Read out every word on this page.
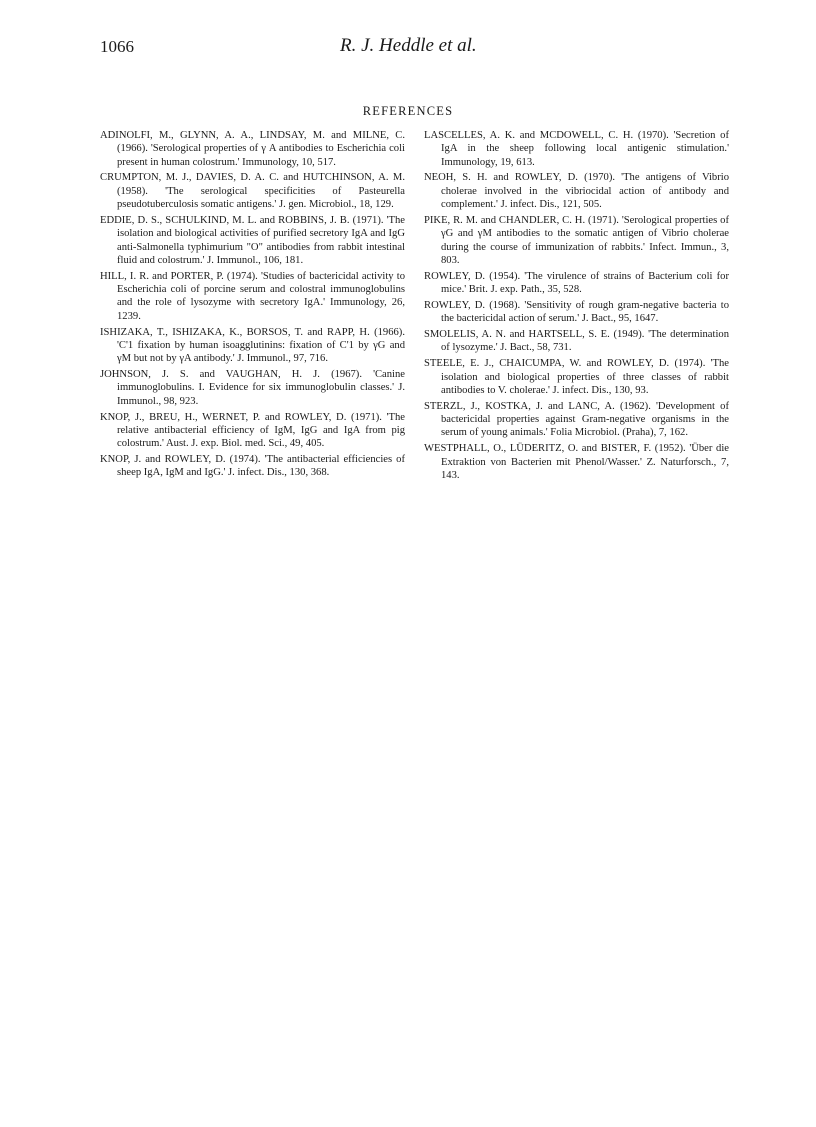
1066	R. J. Heddle et al.
REFERENCES

ADINOLFI, M., GLYNN, A. A., LINDSAY, M. and MILNE, C. (1966). 'Serological properties of γ A antibodies to Escherichia coli present in human colostrum.' Immunology, 10, 517.

CRUMPTON, M. J., DAVIES, D. A. C. and HUTCHINSON, A. M. (1958). 'The serological specificities of Pasteurella pseudotuberculosis somatic antigens.' J. gen. Microbiol., 18, 129.

EDDIE, D. S., SCHULKIND, M. L. and ROBBINS, J. B. (1971). 'The isolation and biological activities of purified secretory IgA and IgG anti-Salmonella typhimurium "O" antibodies from rabbit intestinal fluid and colostrum.' J. Immunol., 106, 181.

HILL, I. R. and PORTER, P. (1974). 'Studies of bactericidal activity to Escherichia coli of porcine serum and colostral immunoglobulins and the role of lysozyme with secretory IgA.' Immunology, 26, 1239.

ISHIZAKA, T., ISHIZAKA, K., BORSOS, T. and RAPP, H. (1966). 'C'1 fixation by human isoagglutinins: fixation of C'1 by γG and γM but not by γA antibody.' J. Immunol., 97, 716.

JOHNSON, J. S. and VAUGHAN, H. J. (1967). 'Canine immunoglobulins. I. Evidence for six immunoglobulin classes.' J. Immunol., 98, 923.

KNOP, J., BREU, H., WERNET, P. and ROWLEY, D. (1971). 'The relative antibacterial efficiency of IgM, IgG and IgA from pig colostrum.' Aust. J. exp. Biol. med. Sci., 49, 405.

KNOP, J. and ROWLEY, D. (1974). 'The antibacterial efficiencies of sheep IgA, IgM and IgG.' J. infect. Dis., 130, 368.

LASCELLES, A. K. and MCDOWELL, C. H. (1970). 'Secretion of IgA in the sheep following local antigenic stimulation.' Immunology, 19, 613.

NEOH, S. H. and ROWLEY, D. (1970). 'The antigens of Vibrio cholerae involved in the vibriocidal action of antibody and complement.' J. infect. Dis., 121, 505.

PIKE, R. M. and CHANDLER, C. H. (1971). 'Serological properties of γG and γM antibodies to the somatic antigen of Vibrio cholerae during the course of immunization of rabbits.' Infect. Immun., 3, 803.

ROWLEY, D. (1954). 'The virulence of strains of Bacterium coli for mice.' Brit. J. exp. Path., 35, 528.

ROWLEY, D. (1968). 'Sensitivity of rough gram-negative bacteria to the bactericidal action of serum.' J. Bact., 95, 1647.

SMOLELIS, A. N. and HARTSELL, S. E. (1949). 'The determination of lysozyme.' J. Bact., 58, 731.

STEELE, E. J., CHAICUMPA, W. and ROWLEY, D. (1974). 'The isolation and biological properties of three classes of rabbit antibodies to V. cholerae.' J. infect. Dis., 130, 93.

STERZL, J., KOSTKA, J. and LANC, A. (1962). 'Development of bactericidal properties against Gram-negative organisms in the serum of young animals.' Folia Microbiol. (Praha), 7, 162.

WESTPHALL, O., LÜDERITZ, O. and BISTER, F. (1952). 'Über die Extraktion von Bacterien mit Phenol/Wasser.' Z. Naturforsch., 7, 143.
